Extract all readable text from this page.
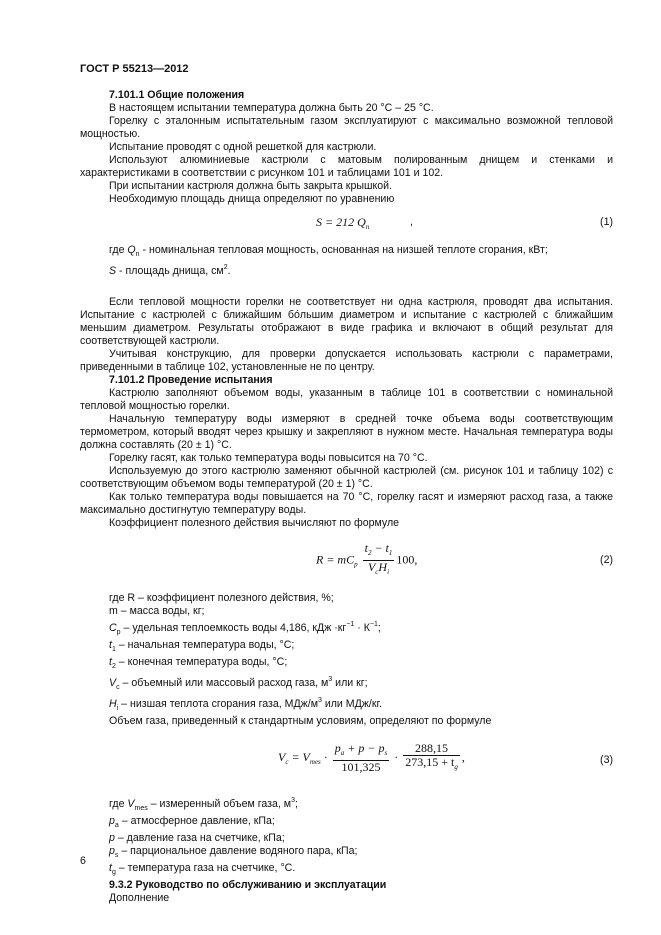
ГОСТ Р 55213—2012

7.101.1 Общие положения

В настоящем испытании температура должна быть 20 °С – 25 °С.

Горелку с эталонным испытательным газом эксплуатируют с максимально возможной тепловой мощностью.

Испытание проводят с одной решеткой для кастрюли.

Используют алюминиевые кастрюли с матовым полированным днищем и стенками и характеристиками в соответствии с рисунком 101 и таблицами 101 и 102.

При испытании кастрюля должна быть закрыта крышкой.

Необходимую площадь днища определяют по уравнению

S = 212 $Q_n$	,	(1)

где $Q_n$ - номинальная тепловая мощность, основанная на низшей теплоте сгорания, кВт;

S - площадь днища, $см^2$.

Если тепловой мощности горелки не соответствует ни одна кастрюля, проводят два испытания. Испытание с кастрюлей с ближайшим бо́льшим диаметром и испытание с кастрюлей с ближайшим меньшим диаметром. Результаты отображают в виде графика и включают в общий результат для соответствующей кастрюли.

Учитывая конструкцию, для проверки допускается использовать кастрюли с параметрами, приведенными в таблице 102, установленные не по центру.

7.101.2 Проведение испытания

Кастрюлю заполняют объемом воды, указанным в таблице 101 в соответствии с номинальной тепловой мощностью горелки.

Начальную температуру воды измеряют в средней точке объема воды соответствующим термометром, который вводят через крышку и закрепляют в нужном месте. Начальная температура воды должна составлять (20 ± 1) °С.

Горелку гасят, как только температура воды повысится на 70 °С.

Используемую до этого кастрюлю заменяют обычной кастрюлей (см. рисунок 101 и таблицу 102) с соответствующим объемом воды температурой (20 ± 1) °С.

Как только температура воды повышается на 70 °С, горелку гасят и измеряют расход газа, а также максимально достигнутую температуру воды.

Коэффициент полезного действия вычисляют по формуле

$R = mC_p \frac{t_2 - t_1}{V_cH_i} 100$,	(2)

где R – коэффициент полезного действия, %;

m – масса воды, кг;

$C_p$ – удельная теплоемкость воды 4,186, кДж $\cdot кг^{-1} \cdot К^{-1}$;

$t_1$ – начальная температура воды, °С;

$t_2$ – конечная температура воды, °С;

$V_c$ – объемный или массовый расход газа, $м^3$ или кг;

$H_i$ – низшая теплота сгорания газа, МДж/$м^3$ или МДж/кг.

Объем газа, приведенный к стандартным условиям, определяют по формуле

$V_c = V_{mes} \cdot \frac{p_a + p - p_s}{101,325} \cdot \frac{288,15}{273,15 + t_g}$ ,	(3)

где $V_{mes}$ – измеренный объем газа, $м^3$;

$p_a$ – атмосферное давление, кПа;

p – давление газа на счетчике, кПа;

$p_s$ – парциональное давление водяного пара, кПа;

$t_g$ – температура газа на счетчике, °С.

9.3.2 Руководство по обслуживанию и эксплуатации

Дополнение

6
